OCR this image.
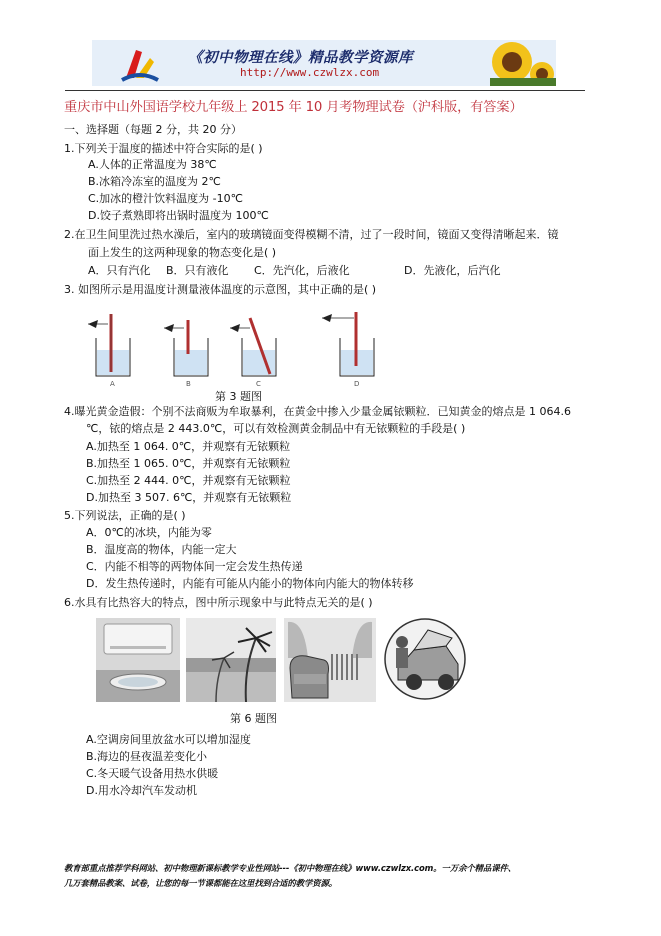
《初中物理在线》精品教学资源库
http://www.czwlzx.com
重庆市中山外国语学校九年级上 2015 年 10 月考物理试卷（沪科版，有答案）
一、选择题（每题 2 分，共 20 分）
1.下列关于温度的描述中符合实际的是( )
A.人体的正常温度为 38℃
B.冰箱冷冻室的温度为 2℃
C.加冰的橙汁饮料温度为 -10℃
D.饺子煮熟即将出锅时温度为 100℃
2.在卫生间里洗过热水澡后，室内的玻璃镜面变得模糊不清，过了一段时间，镜面又变得清晰起来．镜
面上发生的这两种现象的物态变化是( )
A．只有汽化 B．只有液化 C．先汽化，后液化	D．先液化，后汽化
3. 如图所示是用温度计测量液体温度的示意图，其中正确的是( )
A	B	C	D
第 3 题图
4.曝光黄金造假：个别不法商贩为牟取暴利，在黄金中掺入少量金属铱颗粒．已知黄金的熔点是 1 064.6
℃，铱的熔点是 2 443.0℃，可以有效检测黄金制品中有无铱颗粒的手段是( )
A.加热至 1 064. 0℃，并观察有无铱颗粒
B.加热至 1 065. 0℃，并观察有无铱颗粒
C.加热至 2 444. 0℃，并观察有无铱颗粒
D.加热至 3 507. 6℃，并观察有无铱颗粒
5.下列说法，正确的是( )
A．0℃的冰块，内能为零
B．温度高的物体，内能一定大
C．内能不相等的两物体间一定会发生热传递
D．发生热传递时，内能有可能从内能小的物体向内能大的物体转移
6.水具有比热容大的特点，图中所示现象中与此特点无关的是( )
第 6 题图
A.空调房间里放盆水可以增加湿度
B.海边的昼夜温差变化小
C.冬天暖气设备用热水供暖
D.用水冷却汽车发动机
教育部重点推荐学科网站、初中物理新课标教学专业性网站---《初中物理在线》www.czwlzx.com。一万余个精品课件、
几万套精品教案、试卷，让您的每一节课都能在这里找到合适的教学资源。
